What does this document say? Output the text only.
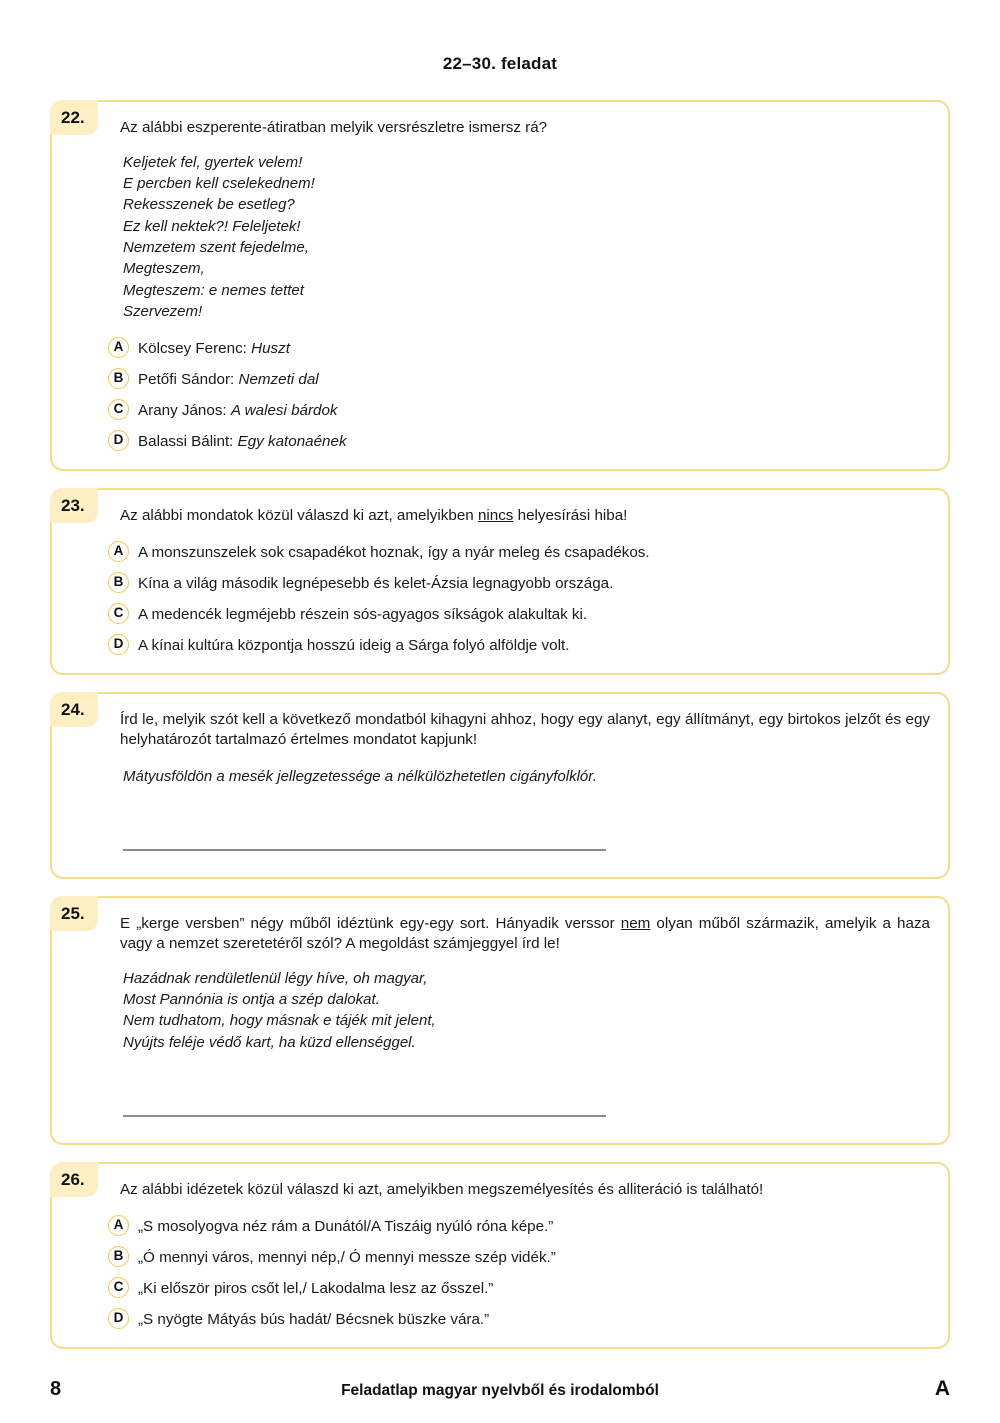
22–30. feladat
22.
Az alábbi eszperente-átiratban melyik versrészletre ismersz rá?
Keljetek fel, gyertek velem!
E percben kell cselekednem!
Rekesszenek be esetleg?
Ez kell nektek?! Feleljetek!
Nemzetem szent fejedelme,
Megteszem,
Megteszem: e nemes tettet
Szervezem!
A Kölcsey Ferenc: Huszt
B Petőfi Sándor: Nemzeti dal
C Arany János: A walesi bárdok
D Balassi Bálint: Egy katonaének
23.
Az alábbi mondatok közül válaszd ki azt, amelyikben nincs helyesírási hiba!
A A monszunszelek sok csapadékot hoznak, így a nyár meleg és csapadékos.
B Kína a világ második legnépesebb és kelet-Ázsia legnagyobb országa.
C A medencék legméjebb részein sós-agyagos síkságok alakultak ki.
D A kínai kultúra központja hosszú ideig a Sárga folyó alföldje volt.
24.
Írd le, melyik szót kell a következő mondatból kihagyni ahhoz, hogy egy alanyt, egy állítmányt, egy birtokos jelzőt és egy helyhatározót tartalmazó értelmes mondatot kapjunk!
Mátyusföldön a mesék jellegzetessége a nélkülözhetetlen cigányfolklór.
25.
E „kerge versben” négy műből idéztünk egy-egy sort. Hányadik verssor nem olyan műből származik, amelyik a haza vagy a nemzet szeretetéről szól? A megoldást számjeggyel írd le!
Hazádnak rendületlenül légy híve, oh magyar,
Most Pannónia is ontja a szép dalokat.
Nem tudhatom, hogy másnak e tájék mit jelent,
Nyújts feléje védő kart, ha küzd ellenséggel.
26.
Az alábbi idézetek közül válaszd ki azt, amelyikben megszemélyesítés és alliteráció is található!
A „S mosolyogva néz rám a Dunától/A Tiszáig nyúló róna képe.”
B „Ó mennyi város, mennyi nép,/ Ó mennyi messze szép vidék.”
C „Ki először piros csőt lel,/ Lakodalma lesz az ősszel.”
D „S nyögte Mátyás bús hadát/ Bécsnek büszke vára.”
8	Feladatlap magyar nyelvből és irodalomból	A
